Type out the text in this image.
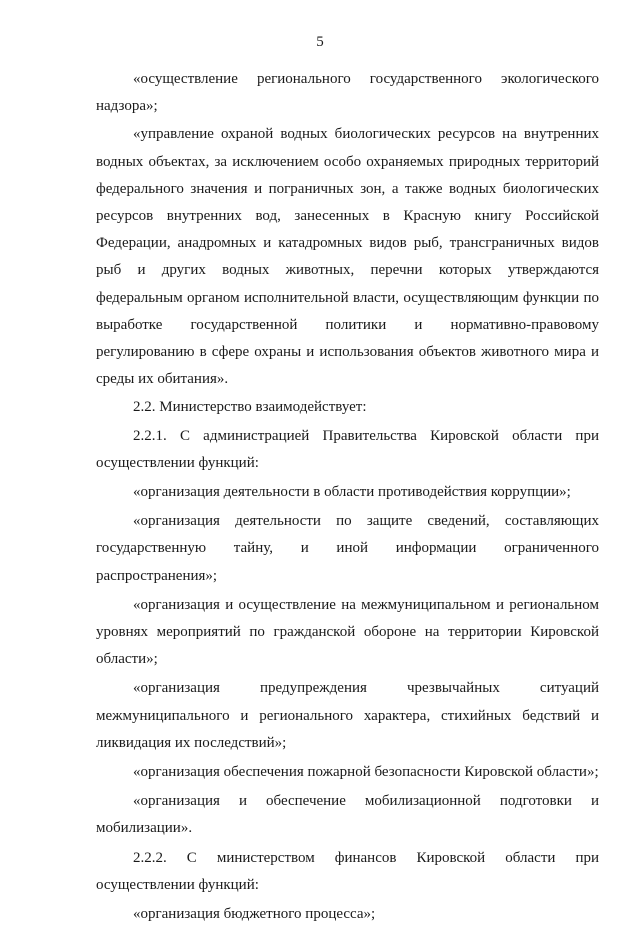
5

«осуществление регионального государственного экологического надзора»;

«управление охраной водных биологических ресурсов на внутренних водных объектах, за исключением особо охраняемых природных территорий федерального значения и пограничных зон, а также водных биологических ресурсов внутренних вод, занесенных в Красную книгу Российской Федерации, анадромных и катадромных видов рыб, трансграничных видов рыб и других водных животных, перечни которых утверждаются федеральным органом исполнительной власти, осуществляющим функции по выработке государственной политики и нормативно-правовому регулированию в сфере охраны и использования объектов животного мира и среды их обитания».

2.2. Министерство взаимодействует:

2.2.1. С администрацией Правительства Кировской области при осуществлении функций:

«организация деятельности в области противодействия коррупции»;

«организация деятельности по защите сведений, составляющих государственную тайну, и иной информации ограниченного распространения»;

«организация и осуществление на межмуниципальном и региональном уровнях мероприятий по гражданской обороне на территории Кировской области»;

«организация предупреждения чрезвычайных ситуаций межмуниципального и регионального характера, стихийных бедствий и ликвидация их последствий»;

«организация обеспечения пожарной безопасности Кировской области»;

«организация и обеспечение мобилизационной подготовки и мобилизации».

2.2.2. С министерством финансов Кировской области при осуществлении функций:

«организация бюджетного процесса»;
